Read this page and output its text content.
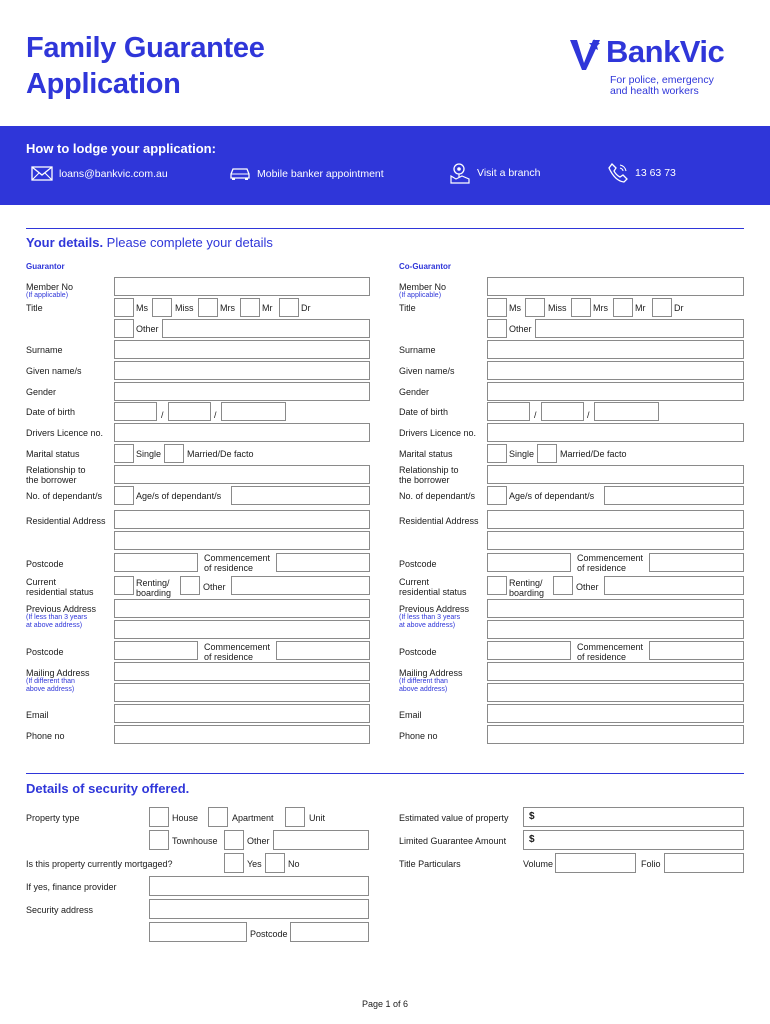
Family Guarantee
Application
BankVic
For police, emergency
and health workers
How to lodge your application:
loans@bankvic.com.au	Mobile banker appointment	Visit a branch	13 63 73
Your details. Please complete your details
Guarantor
Member No
(If applicable)
Title	Ms	Miss	Mrs	Mr	Dr
Other
Surname
Given name/s
Gender
Date of birth	/	/
Drivers Licence no.
Marital status	Single	Married/De facto
Relationship to
the borrower
No. of dependant/s	Age/s of dependant/s
Residential Address
Postcode
Commencement
of residence
Current
residential status
Renting/
boarding
Other
Previous Address
(If less than 3 years
at above address)
Postcode	Commencement
of residence
Mailing Address
(If different than
above address)
Email
Phone no
Co-Guarantor
Member No
(If applicable)
Title	Ms	Miss	Mrs	Mr	Dr
Other
Surname
Given name/s
Gender
Date of birth	/	/
Drivers Licence no.
Marital status	Single	Married/De facto
Relationship to
the borrower
No. of dependant/s	Age/s of dependant/s
Residential Address
Postcode
Commencement
of residence
Current
residential status
Renting/
boarding
Other
Previous Address
(If less than 3 years
at above address)
Postcode	Commencement
of residence
Mailing Address
(If different than
above address)
Email
Phone no
Details of security offered.
Property type	House	Apartment	Unit
Townhouse	Other
Is this property currently mortgaged?	Yes	No
If yes, finance provider
Security address
Postcode
Estimated value of property $
Limited Guarantee Amount $
Title Particulars	Volume	Folio
Page 1 of 6
